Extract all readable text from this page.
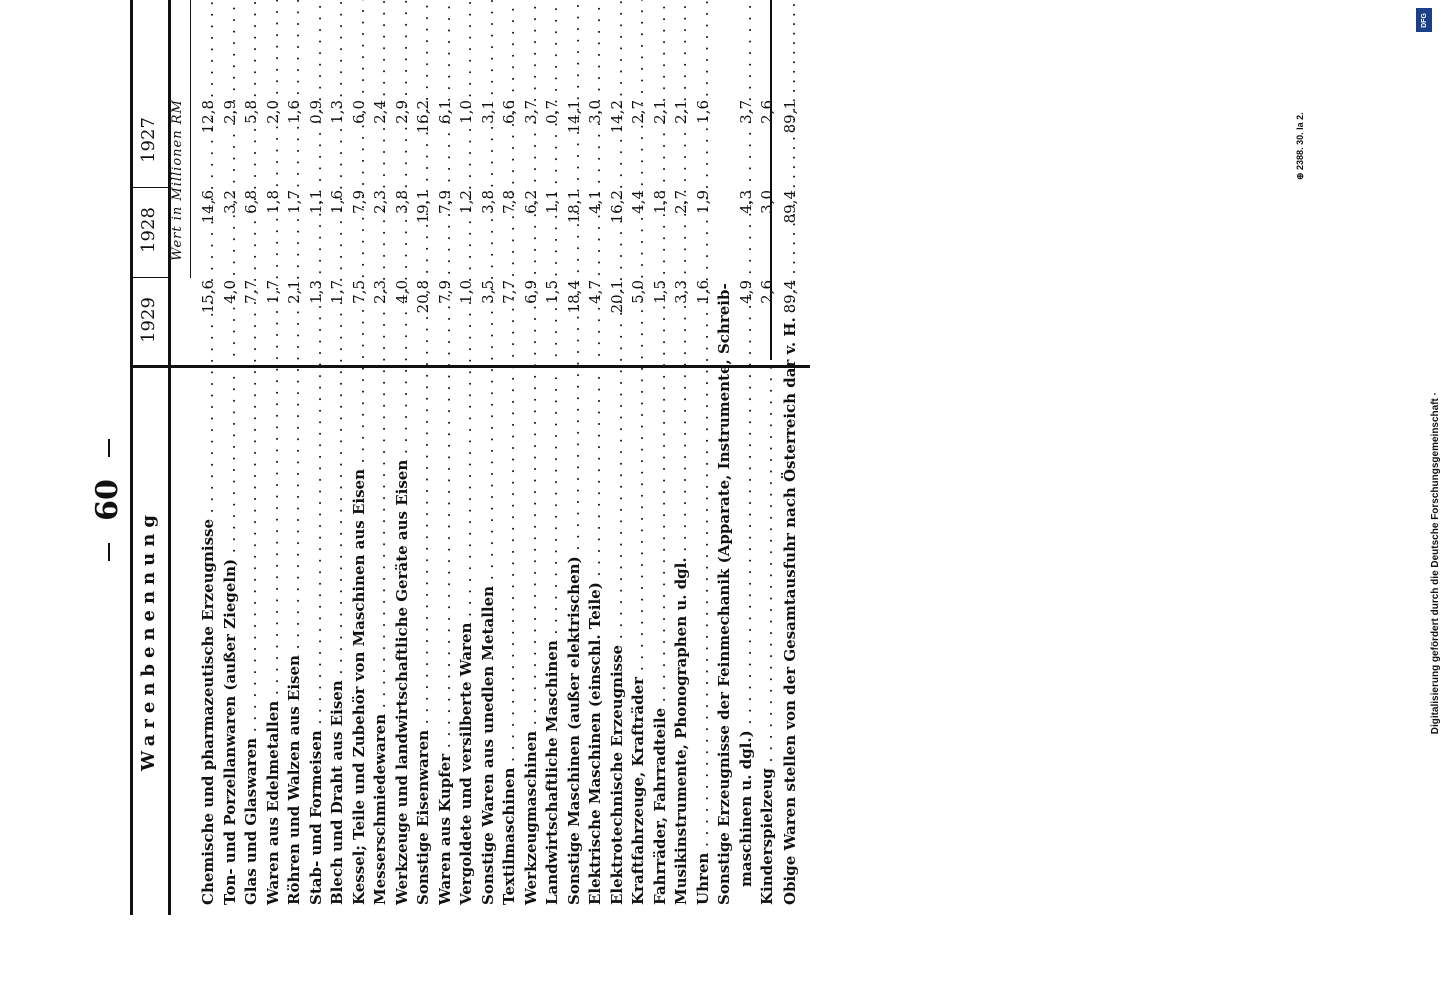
60
Warenbenennung
1929
1928
1927 Wert in Millionen RM
Chemische und pharmazeutische Erzeugnisse . . .
15,6
14,6
12,8
Ton- und Porzellanwaren (außer Ziegeln) . . .
4,0
3,2
2,9
Glas und Glaswaren . . .
7,7
6,8
5,8
Waren aus Edelmetallen . . .
1,7
1,8
2,0
Röhren und Walzen aus Eisen . . .
2,1
1,7
1,6
Stab- und Formeisen . . .
1,3
1,1
0,9
Blech und Draht aus Eisen . . .
1,7
1,6
1,3
Kessel; Teile und Zubehör von Maschinen aus Eisen . . .
7,5
7,9
6,0
Messerschmiedewaren . . .
2,3
2,3
2,4
Werkzeuge und landwirtschaftliche Geräte aus Eisen . . .
4,0
3,8
2,9
Sonstige Eisenwaren . . .
20,8
19,1
16,2
Waren aus Kupfer . . .
7,9
7,9
6,1
Vergoldete und versilberte Waren . . .
1,0
1,2
1,0
Sonstige Waren aus unedlen Metallen . . .
3,5
3,8
3,1
Textilmaschinen . . .
7,7
7,8
6,6
Werkzeugmaschinen . . .
6,9
6,2
3,7
Landwirtschaftliche Maschinen . . .
1,5
1,1
0,7
Sonstige Maschinen (außer elektrischen) . . .
18,4
18,1
14,1
Elektrische Maschinen (einschl. Teile) . . .
4,7
4,1
3,0
Elektrotechnische Erzeugnisse . . .
20,1
16,2
14,2
Kraftfahrzeuge, Krafträder . . .
5,0
4,4
2,7
Fahrräder, Fahrradteile . . .
1,5
1,8
2,1
Musikinstrumente, Phonographen u. dgl. . . .
3,3
2,7
2,1
Uhren . . .
1,6
1,9
1,6
Sonstige Erzeugnisse der Feinmechanik (Apparate, Instrumente, Schreib- maschinen u. dgl.) . . .
4,9
4,3
3,7
Kinderspielzeug . . .
2,6
3,0
2,6
Obige Waren stellen von der Gesamtausfuhr nach Österreich dar v. H. . . .
89,4
89,4
89,1	⊕ 2388. 30. Ia 2.
Digitalisierung gefördert durch die Deutsche Forschungsgemeinschaft ·
DFG
